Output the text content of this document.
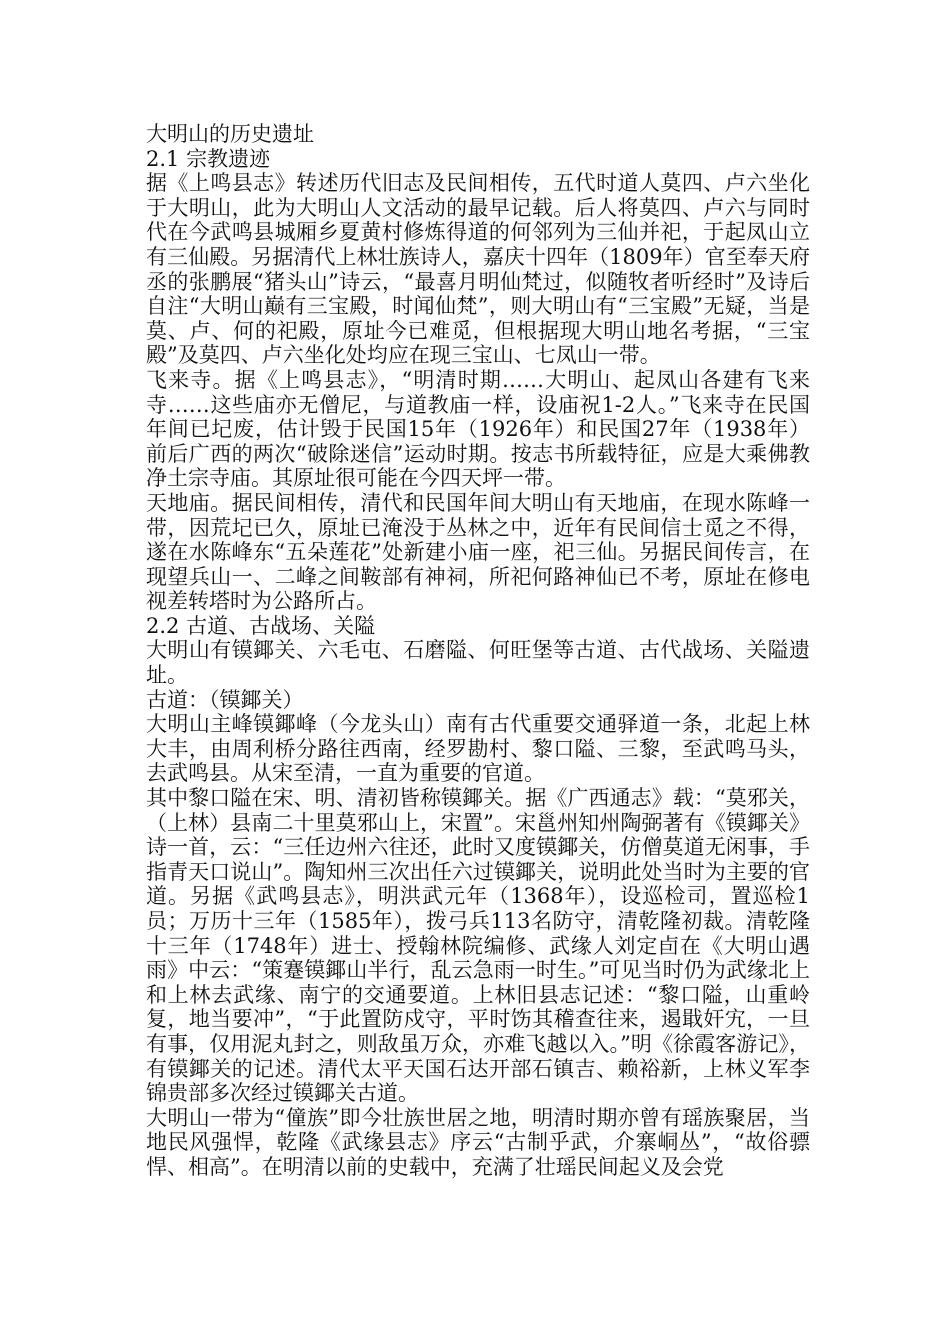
大明山的历史遗址
2.1 宗教遗迹

据《上鸣县志》转述历代旧志及民间相传，五代时道人莫四、卢六坐化于大明山，此为大明山人文活动的最早记载。后人将莫四、卢六与同时代在今武鸣县城厢乡夏黄村修炼得道的何邻列为三仙并祀，于起凤山立有三仙殿。另据清代上林壮族诗人，嘉庆十四年（1809年）官至奉天府丞的张鹏展“猪头山”诗云，“最喜月明仙梵过，似随牧者听经时”及诗后自注“大明山巅有三宝殿，时闻仙梵”，则大明山有“三宝殿”无疑，当是莫、卢、何的祀殿，原址今已难觅，但根据现大明山地名考据，“三宝殿”及莫四、卢六坐化处均应在现三宝山、七凤山一带。

飞来寺。据《上鸣县志》，“明清时期……大明山、起凤山各建有飞来寺……这些庙亦无僧尼，与道教庙一样，设庙祝1-2人。”飞来寺在民国年间已圮废，估计毁于民国15年（1926年）和民国27年（1938年）前后广西的两次“破除迷信”运动时期。按志书所载特征，应是大乘佛教净土宗寺庙。其原址很可能在今四天坪一带。

天地庙。据民间相传，清代和民国年间大明山有天地庙，在现水陈峰一带，因荒圮已久，原址已淹没于丛林之中，近年有民间信士觅之不得，遂在水陈峰东“五朵莲花”处新建小庙一座，祀三仙。另据民间传言，在现望兵山一、二峰之间鞍部有神祠，所祀何路神仙已不考，原址在修电视差转塔时为公路所占。

2.2 古道、古战场、关隘

大明山有镆鎁关、六毛屯、石磨隘、何旺堡等古道、古代战场、关隘遗址。

古道：（镆鎁关）

大明山主峰镆鎁峰（今龙头山）南有古代重要交通驿道一条，北起上林大丰，由周利桥分路往西南，经罗勘村、黎口隘、三黎，至武鸣马头，去武鸣县。从宋至清，一直为重要的官道。

其中黎口隘在宋、明、清初皆称镆鎁关。据《广西通志》载：“莫邪关，（上林）县南二十里莫邪山上，宋置”。宋邕州知州陶弼著有《镆鎁关》诗一首，云：“三任边州六往还，此时又度镆鎁关，仿僧莫道无闲事，手指青天口说山”。陶知州三次出任六过镆鎁关，说明此处当时为主要的官道。另据《武鸣县志》，明洪武元年（1368年），设巡检司，置巡检1员；万历十三年（1585年），拨弓兵113名防守，清乾隆初裁。清乾隆十三年（1748年）进士、授翰林院编修、武缘人刘定卣在《大明山遇雨》中云：“策蹇镆鎁山半行，乱云急雨一时生。”可见当时仍为武缘北上和上林去武缘、南宁的交通要道。上林旧县志记述：“黎口隘，山重岭复，地当要冲”，“于此置防戍守，平时饬其稽查往来，遏戢奸宄，一旦有事，仅用泥丸封之，则敌虽万众，亦难飞越以入。”明《徐霞客游记》，有镆鎁关的记述。清代太平天国石达开部石镇吉、赖裕新，上林义军李锦贵部多次经过镆鎁关古道。

大明山一带为“僮族”即今壮族世居之地，明清时期亦曾有瑶族聚居，当地民风强悍，乾隆《武缘县志》序云“古制乎武，介寨峒丛”，“故俗骠悍、相高”。在明清以前的史载中，充满了壮瑶民间起义及会党
